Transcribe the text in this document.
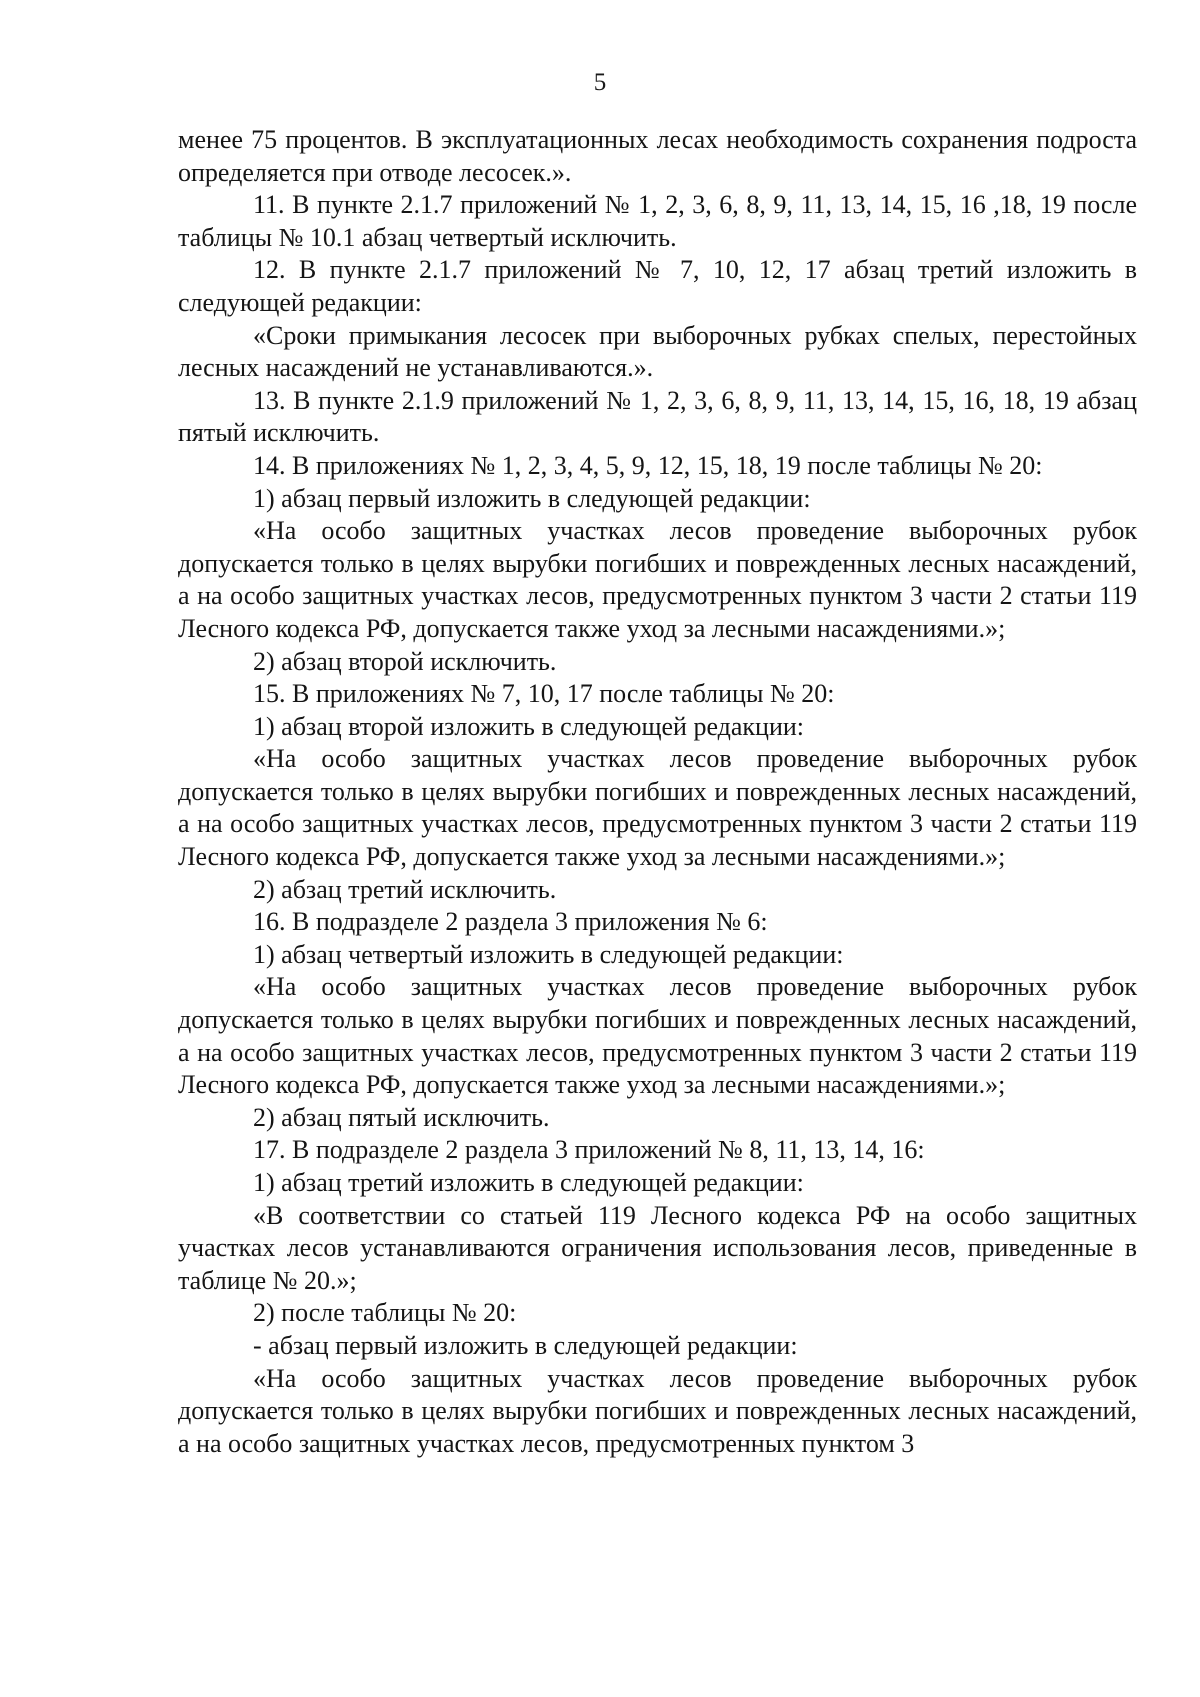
5

менее 75 процентов. В эксплуатационных лесах необходимость сохранения подроста определяется при отводе лесосек.».

11. В пункте 2.1.7 приложений № 1, 2, 3, 6, 8, 9, 11, 13, 14, 15, 16 ,18, 19 после таблицы № 10.1 абзац четвертый исключить.

12. В пункте 2.1.7 приложений № 7, 10, 12, 17 абзац третий изложить в следующей редакции:

«Сроки примыкания лесосек при выборочных рубках спелых, перестойных лесных насаждений не устанавливаются.».

13. В пункте 2.1.9 приложений № 1, 2, 3, 6, 8, 9, 11, 13, 14, 15, 16, 18, 19 абзац пятый исключить.

14. В приложениях № 1, 2, 3, 4, 5, 9, 12, 15, 18, 19 после таблицы № 20:

1) абзац первый изложить в следующей редакции:

«На особо защитных участках лесов проведение выборочных рубок допускается только в целях вырубки погибших и поврежденных лесных насаждений, а на особо защитных участках лесов, предусмотренных пунктом 3 части 2 статьи 119 Лесного кодекса РФ, допускается также уход за лесными насаждениями.»;

2) абзац второй исключить.

15. В приложениях № 7, 10, 17 после таблицы № 20:

1) абзац второй изложить в следующей редакции:

«На особо защитных участках лесов проведение выборочных рубок допускается только в целях вырубки погибших и поврежденных лесных насаждений, а на особо защитных участках лесов, предусмотренных пунктом 3 части 2 статьи 119 Лесного кодекса РФ, допускается также уход за лесными насаждениями.»;

2) абзац третий исключить.

16. В подразделе 2 раздела 3 приложения № 6:

1) абзац четвертый изложить в следующей редакции:

«На особо защитных участках лесов проведение выборочных рубок допускается только в целях вырубки погибших и поврежденных лесных насаждений, а на особо защитных участках лесов, предусмотренных пунктом 3 части 2 статьи 119 Лесного кодекса РФ, допускается также уход за лесными насаждениями.»;

2) абзац пятый исключить.

17. В подразделе 2 раздела 3 приложений № 8, 11, 13, 14, 16:

1) абзац третий изложить в следующей редакции:

«В соответствии со статьей 119 Лесного кодекса РФ на особо защитных участках лесов устанавливаются ограничения использования лесов, приведенные в таблице № 20.»;

2) после таблицы № 20:

- абзац первый изложить в следующей редакции:

«На особо защитных участках лесов проведение выборочных рубок допускается только в целях вырубки погибших и поврежденных лесных насаждений, а на особо защитных участках лесов, предусмотренных пунктом 3
